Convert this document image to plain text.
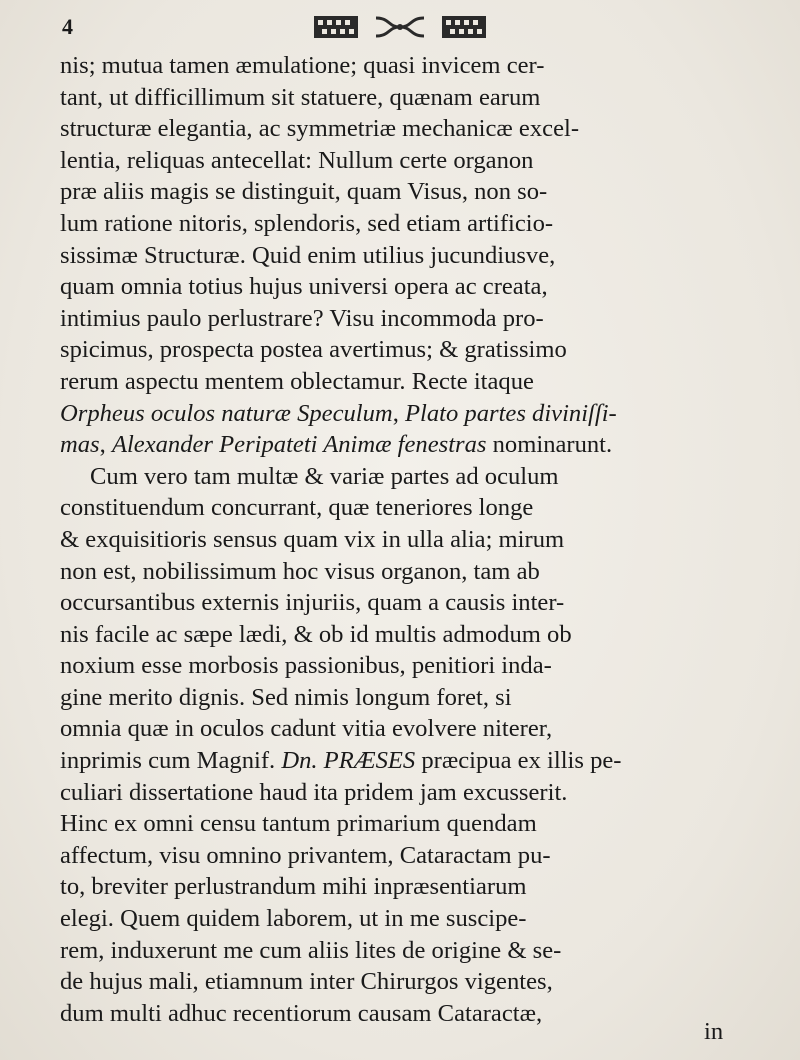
4
nis; mutua tamen æmulatione; quasi invicem cer-
tant, ut difficillimum sit statuere, quænam earum
structuræ elegantia, ac symmetriæ mechanicæ excel-
lentia, reliquas antecellat: Nullum certe organon
præ aliis magis se distinguit, quam Visus, non so-
lum ratione nitoris, splendoris, sed etiam artificio-
sissimæ Structuræ. Quid enim utilius jucundiusve,
quam omnia totius hujus universi opera ac creata,
intimius paulo perlustrare? Visu incommoda pro-
spicimus, prospecta postea avertimus; & gratissimo
rerum aspectu mentem oblectamur. Recte itaque
Orpheus oculos naturæ Speculum, Plato partes diviniſſi-
mas, Alexander Peripateti Animæ fenestras nominarunt.
Cum vero tam multæ & variæ partes ad oculum
constituendum concurrant, quæ teneriores longe
& exquisitioris sensus quam vix in ulla alia; mirum
non est, nobilissimum hoc visus organon, tam ab
occursantibus externis injuriis, quam a causis inter-
nis facile ac sæpe lædi, & ob id multis admodum ob
noxium esse morbosis passionibus, penitiori inda-
gine merito dignis. Sed nimis longum foret, si
omnia quæ in oculos cadunt vitia evolvere niterer,
inprimis cum Magnif. Dn. PRÆSES præcipua ex illis pe-
culiari dissertatione haud ita pridem jam excusserit.
Hinc ex omni censu tantum primarium quendam
affectum, visu omnino privantem, Cataractam pu-
to, breviter perlustrandum mihi inpræsentiarum
elegi. Quem quidem laborem, ut in me suscipe-
rem, induxerunt me cum aliis lites de origine & se-
de hujus mali, etiamnum inter Chirurgos vigentes,
dum multi adhuc recentiorum causam Cataractæ,
in
